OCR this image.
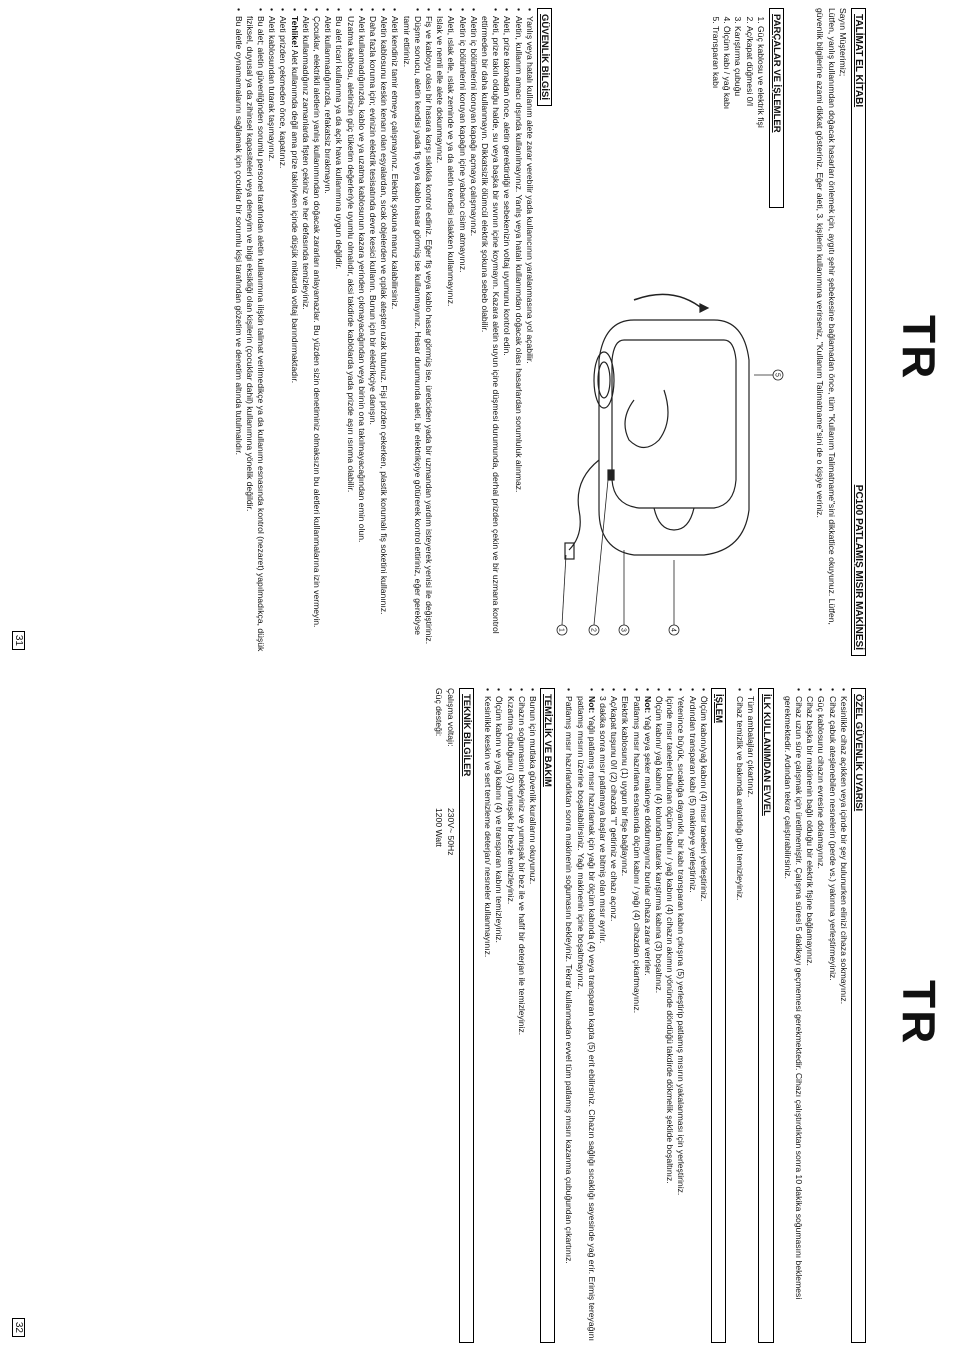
TR
TALİMAT EL KİTABI
PC100 PATLAMIŞ MISIR MAKİNESİ
Sayın Müşterimiz;
Lütfen, yanlış kullanımdan doğacak hasarları önlemek için, aygıtı şehir şebekesine bağlamadan önce, tüm "Kullanım Talimatname"sini dikkatlice okuyunuz. Lütfen, güvenlik bilgilerine azami dikkat gösteriniz. Eğer aleti, 3. kişilerin kullanımına verirseniz, "Kullanım Talimatname"sini de o kişiye veriniz.
PARÇALAR VE İŞLEMLER
1. Güç kablosu ve elektrik fişi
2. Aç/kapat düğmesi 0/I
3. Karıştırma çubuğu
4. Ölçüm kabı / yağ kabı
5. Transparan kabı
5
4
3
2
1
GÜVENLİK BİLGİSİ
• Yanlış veya hatalı kullanım alete zarar verebilir yada kullanıcının yaralanmasına yol açabilir.
• Aletin, kullanım amacı dışında kullanılmayınız. Yanlış veya hatalı kullanımdan doğacak olası hasarlardan sorumluluk alınmaz.
• Aleti, prize takmadan önce, aletin gerektirdiği ve sebekenizin voltaj uyumunu kontrol edin.
• Aleti, prize takılı olduğu halde, su veya başka bir sıvının içine koymayın. Kazara aletin suyun içine düşmesi durumunda, derhal prizden çekin ve bir uzmana kontrol ettirmeden bir daha kullanmayın. Dikkatsizlik ölümcül elektrik şokuna sebeb olabilir.
• Aletin iç bölümlerini koruyan kapağı açmaya çalışmayınız.
• Aletin iç bölümlerini koruyan kapağın içine yabancı cisim atmayınız.
• Aleti, ıslak elle, ıslak zeminde ve ya da aletin kendisi ıslakken kullanmayınız.
• Islak ve nemli elle alete dokunmayınız.
• Fiş ve kabloyu olası bir hasara karşı sıklıkla kontrol ediniz. Eğer fiş veya kablo hasar görmüş ise, üreticiden yada bir uzmandan yardım isteyerek yenisi ile değiştiriniz.
• Düşme sonucu, aletin kendisi yada fiş veya kablo hasar görmüş ise kullanmayınız. Hasar durumunda aleti, bir elektrikçiye götürerek kontrol ettiriniz, eğer gerekiyse tamir ettiriniz.
• Aleti kendiniz tamir etmeye çalışmayınız. Elektrik şokuna maruz kalabilirsiniz.
• Aletin kablosunu keskin kenarı olan eşyalardan, sıcak objelerden ve çıplak ateşten uzak tutunuz. Fişi prizden çekerken, plastik korumalı fiş soketini kullanınız.
• Daha fazla koruma için; evinizin elektrik tesisatında devre kesici kullanın. Bunun için bir elektrikçiye danışın.
• Aleti kullanmadığınızda, kablo ve ya uzatma kablosunun kazara yerinden çıkmayacağından veya birinin ona takılmayacağından emin olun.
• Uzatma kablosu, aletinizin güç tüketim değerleriyle uyumlu olmalıdır, aksi takdirde kablolarda yada prizde aşırı ısınma olabilir.
• Bu alet ticari kullanıma ya da açık hava kullanımına uygun değildir.
• Aleti kullanmadığınızda, refakatsiz bırakmayın.
• Çocuklar, elektrikli aletlerin yanlış kullanımından doğacak zararları anlayamazlar. Bu yüzden sizin denetiminiz olmaksızın bu aletleri kullanmalarına izin vermeyin.
• Aleti kullanmadığınız zamanlarda fişten çekiniz ve her defasında temizleyiniz.
• Tehlike! Alet kullanımda değil ama prize takılıyken içinde düşük miktarda voltaj barındırmaktadır.
• Aleti prizden çekmeden önce, kapatınız.
• Aleti kablosundan tutarak taşımayınız.
• Bu alet; aletin güvenliğinden sorumlu personel tarafından aletin kullanımına ilişkin talimat verilmedikçe ya da kullanımı esnasında kontrol (nezaret) yapılmadıkça, düşük fiziksel, duyusal ya da zihinsel kapasiteleri veya deneyim ve bilgi eksikliği olan kişilerin (çocuklar dahil) kullanımına yönelik değildir.
• Bu aletle oynamamalarını sağlamak için çocuklar bir sorumlu kişi tarafından gözetim ve denetim altında tutulmalıdır.
31
TR
ÖZEL GÜVENLİK UYARISI
• Kesinlikle cihaz açıkken veya içinde bir şey bulunurken elinizi cihaza sokmayınız.
• Cihaz çabuk ateşlenebilen nesnelerin (perde vs.) yakınına yerleştirmeyiniz.
• Güç kablosunu cihazın evresine dolamayınız.
• Cihaz başka bir makinenin bağlı olduğu bir elektrik fişine bağlamayınız.
• Cihaz uzun süre çalışmak için üretilmemiştir. Çalışma süresi 5 dakikayı geçmemesi gerekmektedir. Cihazı çalıştırdıktan sonra 10 dakika soğumasını beklemesi gerekmektedir. Ardından tekrar çalıştırabilirsiniz.
İLK KULLANIMDAN EVVEL
• Tüm ambalajları çıkartınız.
• Cihaz temizlik ve bakımda anlatıldığı gibi temizleyiniz.
İŞLEM
• Ölçüm kabını/yağ kabını (4) mısır taneleri yerleştiriniz.
• Ardından transparan kabı (5) makineye yerleştiriniz.
• Yetenince büyük, sıcaklığa dayanıklı, bir kabı transparan kabın çıkışına (5) yerleştirip patlamış mısırın yakalanması için yerleştiriniz.
• İçinde mısır taneleri bulunan ölçüm kabını / yağ kabını (4) cihazın akımın yönünde döndüğü takdirde dökmelik şeklide boşaltınız.
• Ölçüm kabını/ yağ kabını (4) kolundan tutarak karıştırma kabına (3) boşaltınız.
• Not: Yağ veya şeker makineye doldurmayınız bunlar cihaza zarar verirler.
• Patlamış mısır hazırlama esnasında ölçüm kabını / yağı (4) cihazdan çıkartmayınız.
• Elektrik kablosunu (1) uygun bir fişe bağlayınız.
• Aç/kapat tuşunu 0/I (2) cihazda "I" getiriniz ve cihazı açınız.
• 3 dakika sonra mısır patlamaya başlar ve bitmiş olan mısır ayrılır.
• Not: Yağlı patlamış mısır hazırlamak için yağı bir ölçüm kabında (4) veya transparan kapta (5) erit ebilirsiniz. Cihazın sağlığı sıcaklığı sayesinde yağ erir. Erimiş tereyağını patlamış mısırın üzerine boşaltabilirsiniz. Yağı makinenin içine boşaltmayınız.
• Patlamış mısır hazırlandıktan sonra makinenin soğumasını bekleyiniz. Tekrar kullanmadan evvel tüm patlamış mısırı kazanma çubuğundan çıkartınız.
TEMİZLİK VE BAKIM
• Bunun için mutlaka güvenlik kurallarını okuyunuz.
• Cihazın soğumasını bekleyiniz ve yumuşak bir bez ile ve hafif bir deterjan ile temizleyiniz.
• Kızartma çubuğunu (3) yumuşak bir bezle temizleyiniz.
• Ölçüm kabını ve yağ kabını (4) ve transparan kabını temizleyiniz.
• Kesinlikle keskin ve sert temizleme deterjan/ nesneler kullanmayınız.
TEKNİK BİLGİLER
Çalışma voltajı:
230V~ 50Hz
Güç desteği:
1200 Watt
32
